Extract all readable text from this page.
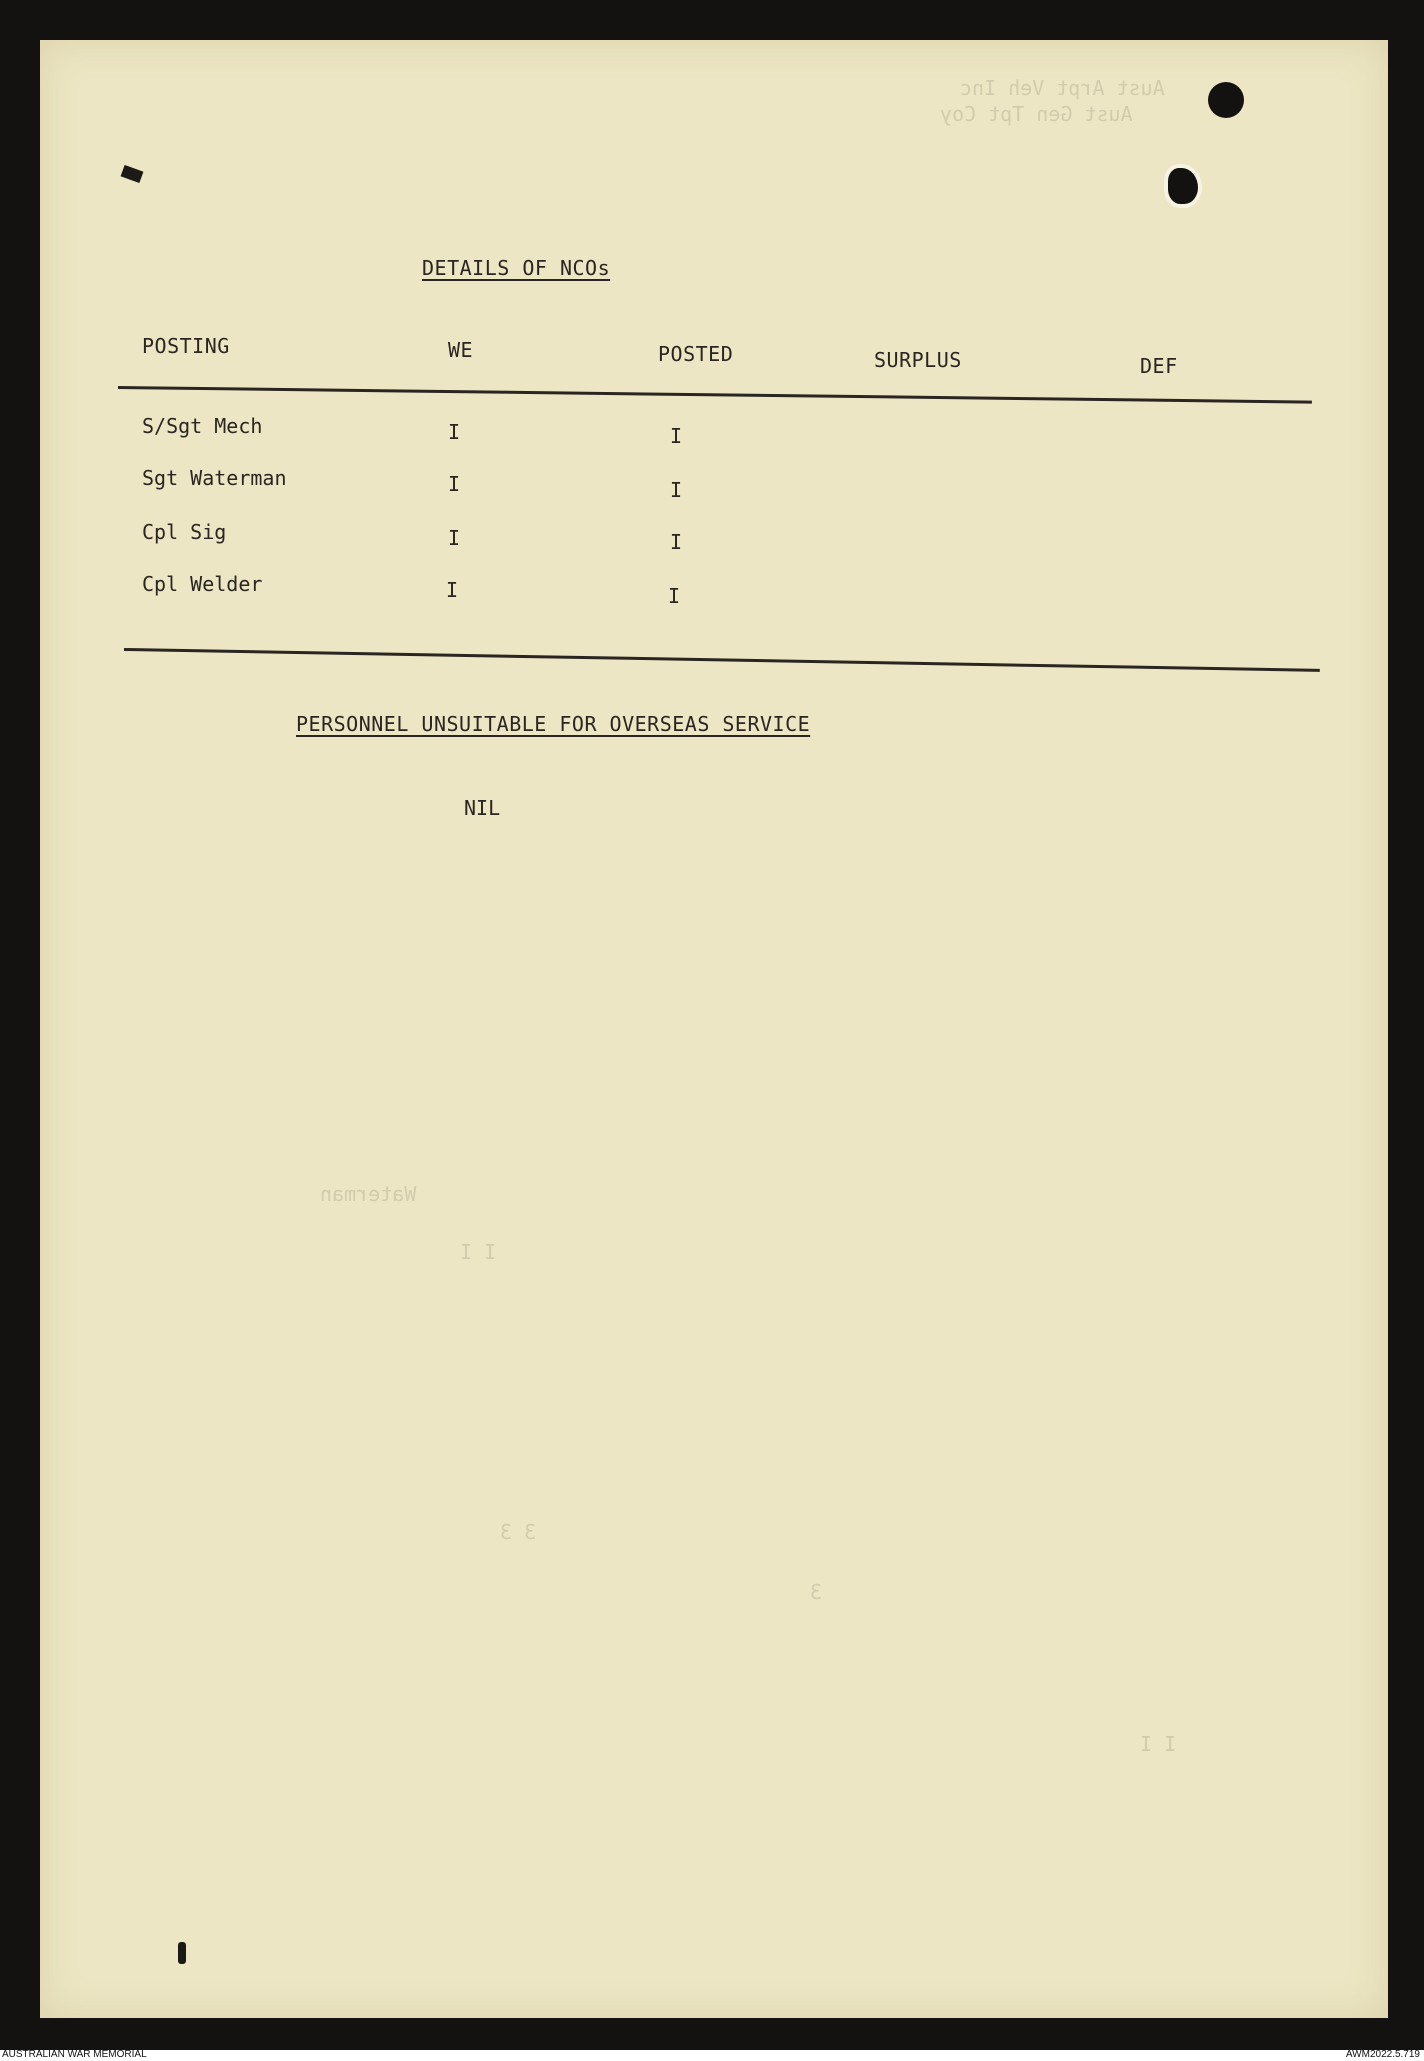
Aust Arpt Veh Inc
Aust Gen Tpt Coy
Waterman
I I
3 3
3
I I
DETAILS OF NCOs
POSTING	WE	POSTED	SURPLUS	DEF
S/Sgt Mech	I	I
Sgt Waterman	I	I
Cpl Sig	I	I
Cpl Welder	I	I
PERSONNEL UNSUITABLE FOR OVERSEAS SERVICE
NIL
AUSTRALIAN WAR MEMORIAL	AWM2022.5.719
